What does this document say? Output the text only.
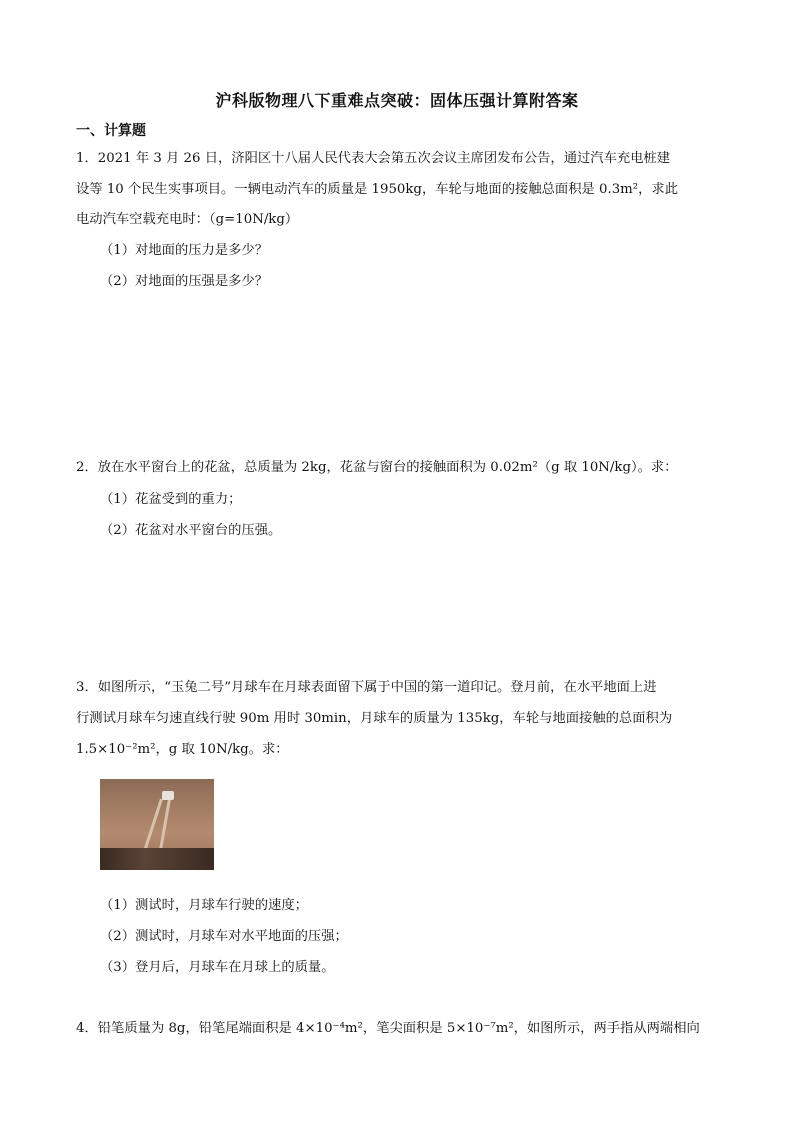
沪科版物理八下重难点突破：固体压强计算附答案
一、计算题
1．2021 年 3 月 26 日，济阳区十八届人民代表大会第五次会议主席团发布公告，通过汽车充电桩建
设等 10 个民生实事项目。一辆电动汽车的质量是 1950kg，车轮与地面的接触总面积是 0.3m²，求此
电动汽车空载充电时：（g=10N/kg）
（1）对地面的压力是多少？
（2）对地面的压强是多少？
2．放在水平窗台上的花盆，总质量为 2kg，花盆与窗台的接触面积为 0.02m²（g 取 10N/kg）。求：
（1）花盆受到的重力；
（2）花盆对水平窗台的压强。
3．如图所示，“玉兔二号”月球车在月球表面留下属于中国的第一道印记。登月前，在水平地面上进
行测试月球车匀速直线行驶 90m 用时 30min，月球车的质量为 135kg，车轮与地面接触的总面积为
1.5×10⁻²m²，g 取 10N/kg。求：
（1）测试时，月球车行驶的速度；
（2）测试时，月球车对水平地面的压强；
（3）登月后，月球车在月球上的质量。
4．铅笔质量为 8g，铅笔尾端面积是 4×10⁻⁴m²，笔尖面积是 5×10⁻⁷m²，如图所示，两手指从两端相向
